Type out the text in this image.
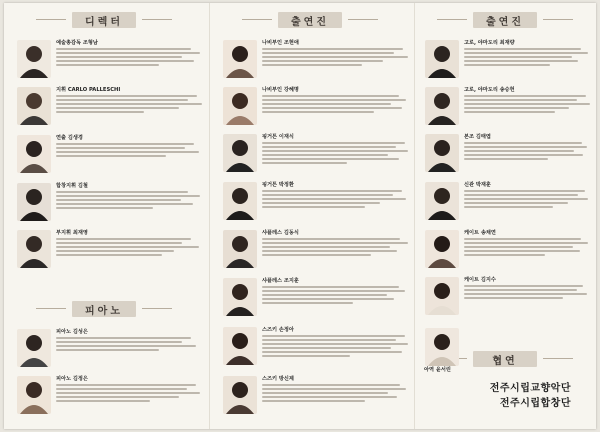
디렉터
예술총감독 조형남
지휘 CARLO PALLESCHI
연출 김생경
합창지휘 김철
부지휘 최재영
피아노
피아노 김성은
피아노 김정은
출연진
나비부인 조현애
나비부인 강혜명
핑거튼 이재식
핑거튼 박정환
샤플레스 김동식
샤플레스 조지훈
스즈키 손정아
스즈키 방신제
출연진
고로, 야마도리 최재량
고로, 야마도리 송승헌
본조 김태엽
신관 박재훈
케이트 송채연
케이트 김지수
협연
아역 윤서린
전주시립교향악단
전주시립합창단
